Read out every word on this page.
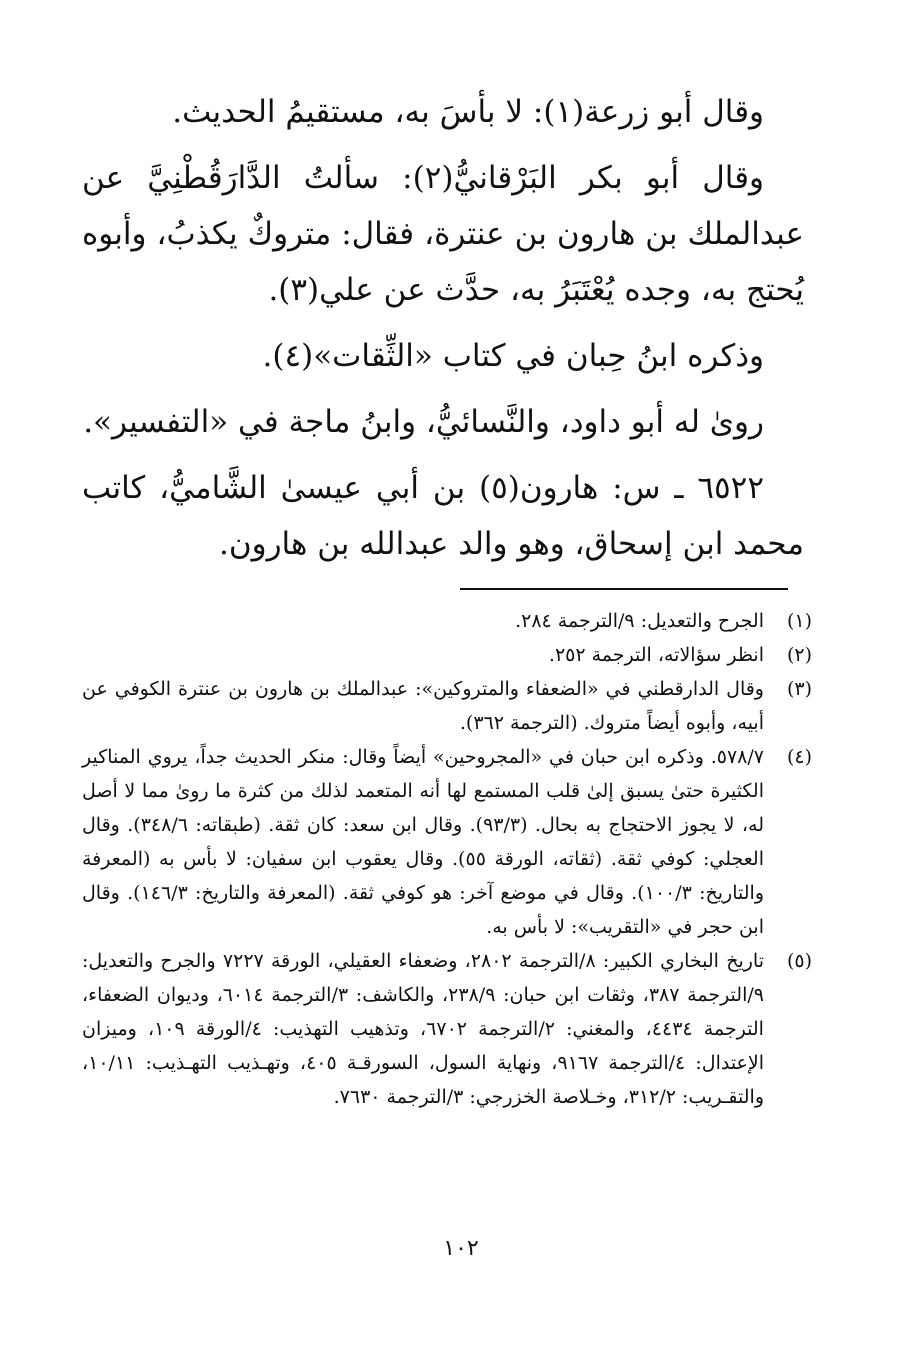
وقال أبو زرعة(١): لا بأسَ به، مستقيمُ الحديث.

وقال أبو بكر البَرْقانيُّ(٢): سألتُ الدَّارَقُطْنِيَّ عن عبدالملك بن هارون بن عنترة، فقال: متروكٌ يكذبُ، وأبوه يُحتج به، وجده يُعْتَبَرُ به، حدَّث عن علي(٣).

وذكره ابنُ حِبان في كتاب «الثِّقات»(٤).

رویٰ له أبو داود، والنَّسائيُّ، وابنُ ماجة في «التفسير».

٦٥٢٢ ـ س: هارون(٥) بن أبي عيسیٰ الشَّاميُّ، كاتب محمد ابن إسحاق، وهو والد عبدالله بن هارون.

(١)
الجرح والتعديل: ٩/الترجمة ٢٨٤.
(٢)
انظر سؤالاته، الترجمة ٢٥٢.
(٣)
وقال الدارقطني في «الضعفاء والمتروكين»: عبدالملك بن هارون بن عنترة الكوفي عن أبيه، وأبوه أيضاً متروك. (الترجمة ٣٦٢).
(٤)
٥٧٨/٧. وذكره ابن حبان في «المجروحين» أيضاً وقال: منكر الحديث جداً، يروي المناكير الكثيرة حتیٰ يسبق إلیٰ قلب المستمع لها أنه المتعمد لذلك من كثرة ما رویٰ مما لا أصل له، لا يجوز الاحتجاج به بحال. (٩٣/٣). وقال ابن سعد: كان ثقة. (طبقاته: ٣٤٨/٦). وقال العجلي: كوفي ثقة. (ثقاته، الورقة ٥٥). وقال يعقوب ابن سفيان: لا بأس به (المعرفة والتاريخ: ١٠٠/٣). وقال في موضع آخر: هو كوفي ثقة. (المعرفة والتاريخ: ١٤٦/٣). وقال ابن حجر في «التقريب»: لا بأس به.
(٥)
تاريخ البخاري الكبير: ٨/الترجمة ٢٨٠٢، وضعفاء العقيلي، الورقة ٧٢٢٧ والجرح والتعديل: ٩/الترجمة ٣٨٧، وثقات ابن حبان: ٢٣٨/٩، والكاشف: ٣/الترجمة ٦٠١٤، وديوان الضعفاء، الترجمة ٤٤٣٤، والمغني: ٢/الترجمة ٦٧٠٢، وتذهيب التهذيب: ٤/الورقة ١٠٩، وميزان الإعتدال: ٤/الترجمة ٩١٦٧، ونهاية السول، السورقـة ٤٠٥، وتهـذيب التهـذيب: ١٠/١١، والتقـريب: ٣١٢/٢، وخـلاصة الخزرجي: ٣/الترجمة ٧٦٣٠.
١٠٢
